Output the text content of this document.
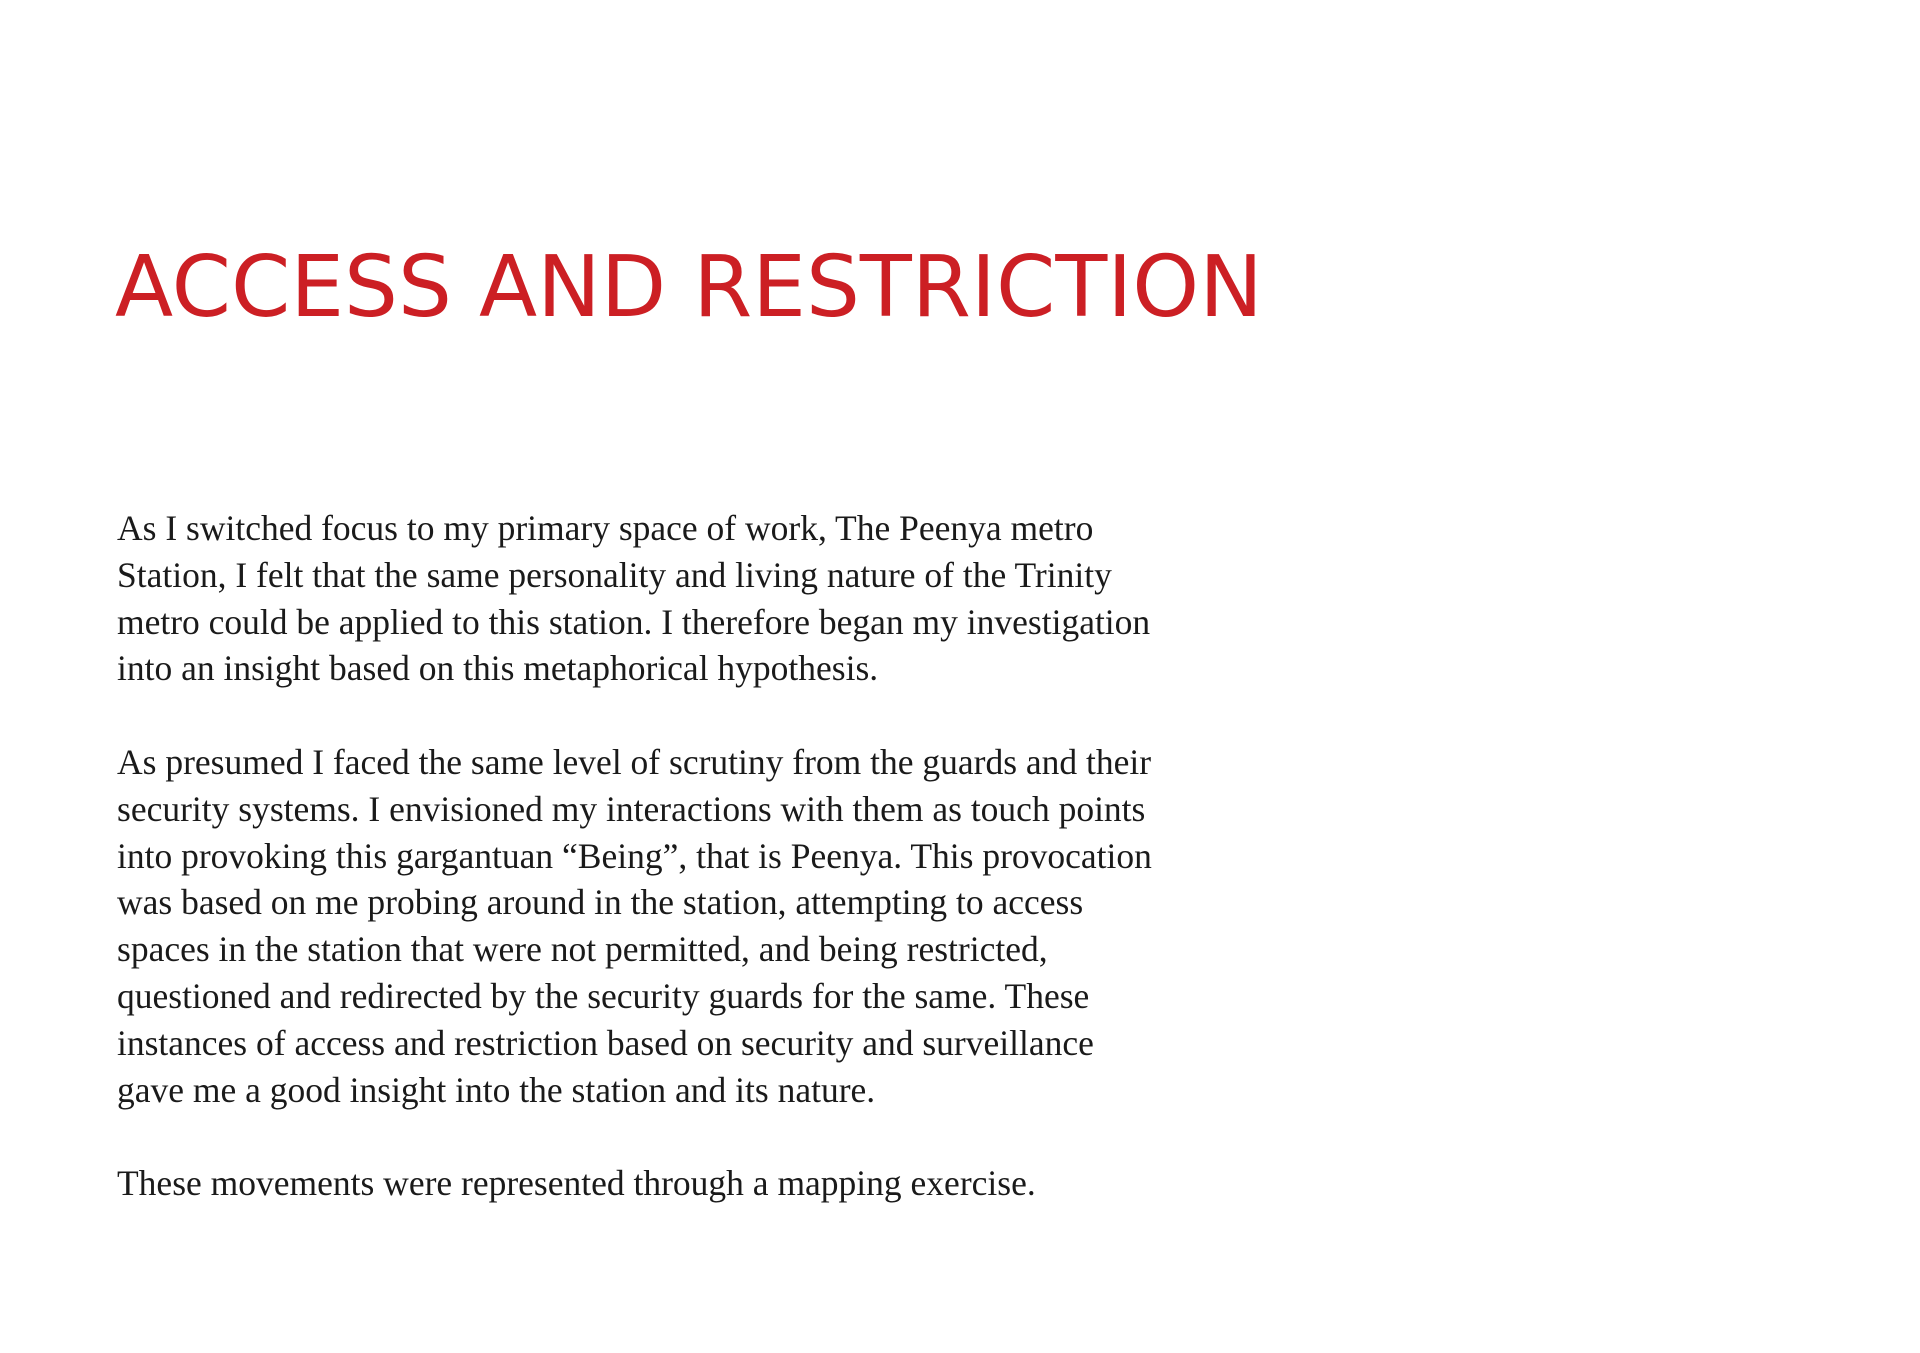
ACCESS AND RESTRICTION

As I switched focus to my primary space of work, The Peenya metro
Station, I felt that the same personality and living nature of the Trinity
metro could be applied to this station. I therefore began my investigation
into an insight based on this metaphorical hypothesis.

As presumed I faced the same level of scrutiny from the guards and their
security systems. I envisioned my interactions with them as touch points
into provoking this gargantuan “Being”, that is Peenya. This provocation
was based on me probing around in the station, attempting to access
spaces in the station that were not permitted, and being restricted,
questioned and redirected by the security guards for the same. These
instances of access and restriction based on security and surveillance
gave me a good insight into the station and its nature.

These movements were represented through a mapping exercise.
